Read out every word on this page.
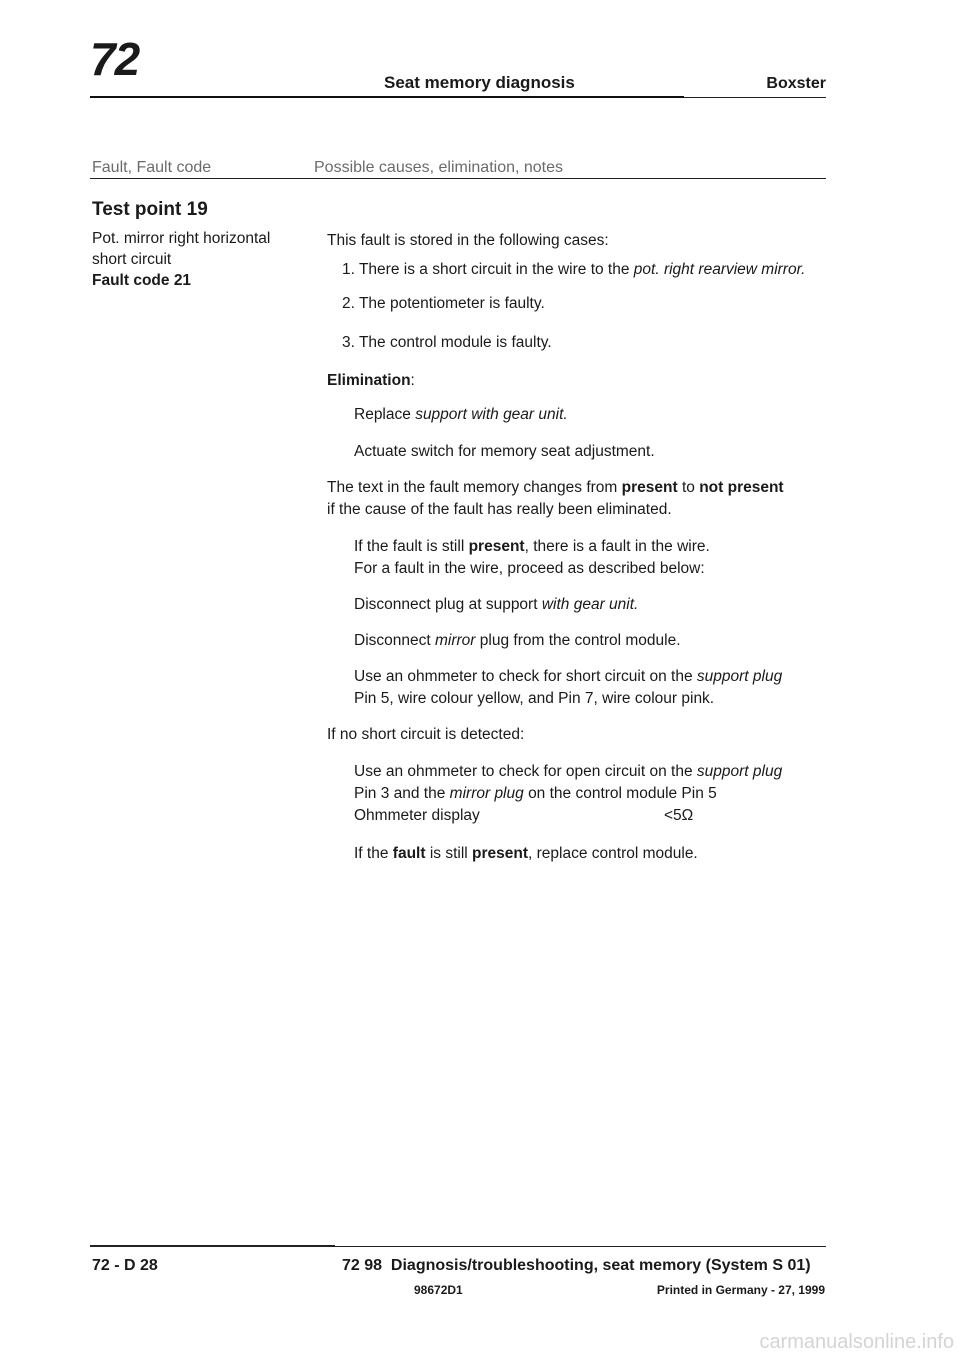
72	Seat memory diagnosis	Boxster
Fault, Fault code	Possible causes, elimination, notes
Test point 19
Pot. mirror right horizontal
short circuit
Fault code 21
This fault is stored in the following cases:
1. There is a short circuit in the wire to the pot. right rearview mirror.
2. The potentiometer is faulty.
3. The control module is faulty.
Elimination:
Replace support with gear unit.
Actuate switch for memory seat adjustment.
The text in the fault memory changes from present to not present
if the cause of the fault has really been eliminated.
If the fault is still present, there is a fault in the wire.
For a fault in the wire, proceed as described below:
Disconnect plug at support with gear unit.
Disconnect mirror plug from the control module.
Use an ohmmeter to check for short circuit on the support plug
Pin 5, wire colour yellow, and Pin 7, wire colour pink.
If no short circuit is detected:
Use an ohmmeter to check for open circuit on the support plug
Pin 3 and the mirror plug on the control module Pin 5
Ohmmeter display	<5Ω
If the fault is still present, replace control module.
72 - D 28	72 98  Diagnosis/troubleshooting, seat memory (System S 01)
98672D1	Printed in Germany - 27, 1999
carmanualsonline.info
